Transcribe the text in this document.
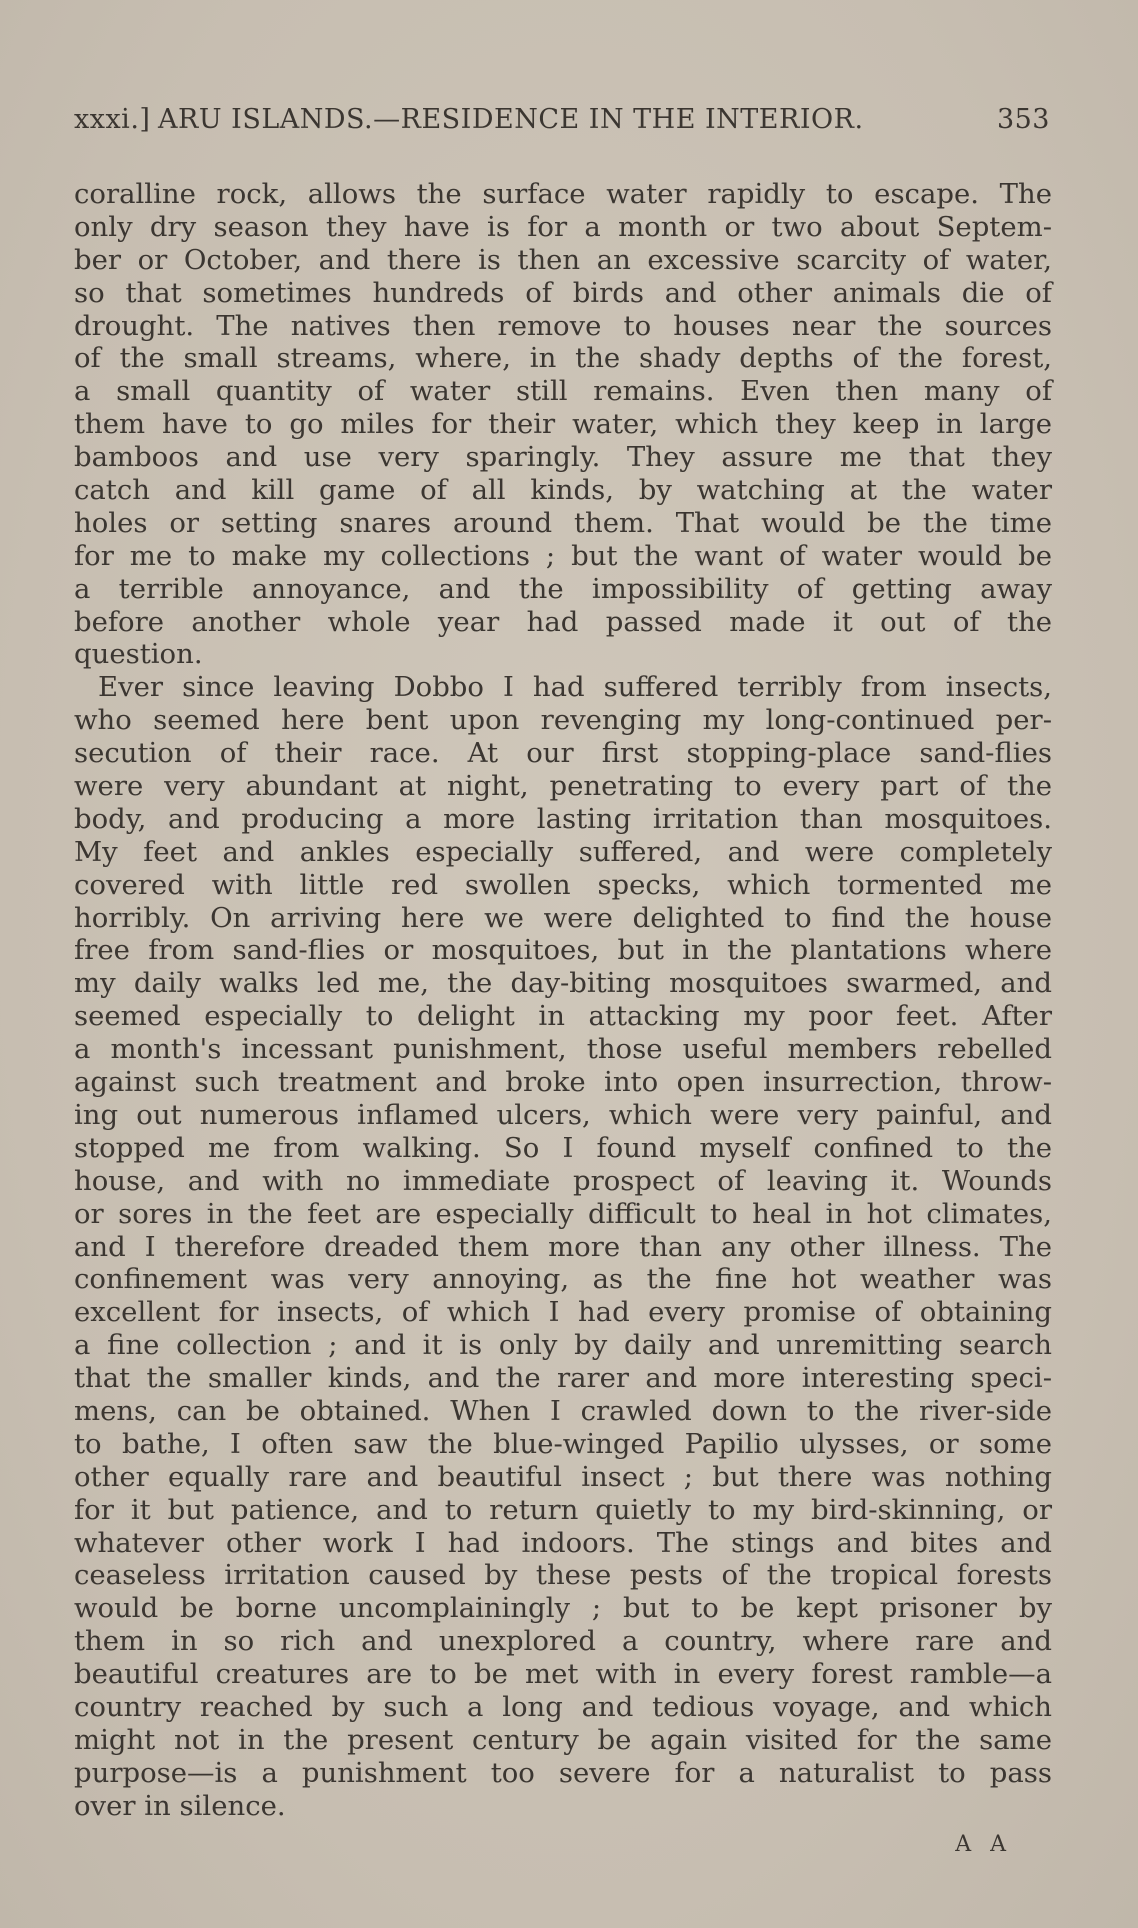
xxxi.] ARU ISLANDS.—RESIDENCE IN THE INTERIOR.	353
coralline rock, allows the surface water rapidly to escape. The
only dry season they have is for a month or two about Septem-
ber or October, and there is then an excessive scarcity of water,
so that sometimes hundreds of birds and other animals die of
drought. The natives then remove to houses near the sources
of the small streams, where, in the shady depths of the forest,
a small quantity of water still remains. Even then many of
them have to go miles for their water, which they keep in large
bamboos and use very sparingly. They assure me that they
catch and kill game of all kinds, by watching at the water
holes or setting snares around them. That would be the time
for me to make my collections ; but the want of water would be
a terrible annoyance, and the impossibility of getting away
before another whole year had passed made it out of the
question.
Ever since leaving Dobbo I had suffered terribly from insects,
who seemed here bent upon revenging my long-continued per-
secution of their race. At our first stopping-place sand-flies
were very abundant at night, penetrating to every part of the
body, and producing a more lasting irritation than mosquitoes.
My feet and ankles especially suffered, and were completely
covered with little red swollen specks, which tormented me
horribly. On arriving here we were delighted to find the house
free from sand-flies or mosquitoes, but in the plantations where
my daily walks led me, the day-biting mosquitoes swarmed, and
seemed especially to delight in attacking my poor feet. After
a month's incessant punishment, those useful members rebelled
against such treatment and broke into open insurrection, throw-
ing out numerous inflamed ulcers, which were very painful, and
stopped me from walking. So I found myself confined to the
house, and with no immediate prospect of leaving it. Wounds
or sores in the feet are especially difficult to heal in hot climates,
and I therefore dreaded them more than any other illness. The
confinement was very annoying, as the fine hot weather was
excellent for insects, of which I had every promise of obtaining
a fine collection ; and it is only by daily and unremitting search
that the smaller kinds, and the rarer and more interesting speci-
mens, can be obtained. When I crawled down to the river-side
to bathe, I often saw the blue-winged Papilio ulysses, or some
other equally rare and beautiful insect ; but there was nothing
for it but patience, and to return quietly to my bird-skinning, or
whatever other work I had indoors. The stings and bites and
ceaseless irritation caused by these pests of the tropical forests
would be borne uncomplainingly ; but to be kept prisoner by
them in so rich and unexplored a country, where rare and
beautiful creatures are to be met with in every forest ramble—a
country reached by such a long and tedious voyage, and which
might not in the present century be again visited for the same
purpose—is a punishment too severe for a naturalist to pass
over in silence.
A A
